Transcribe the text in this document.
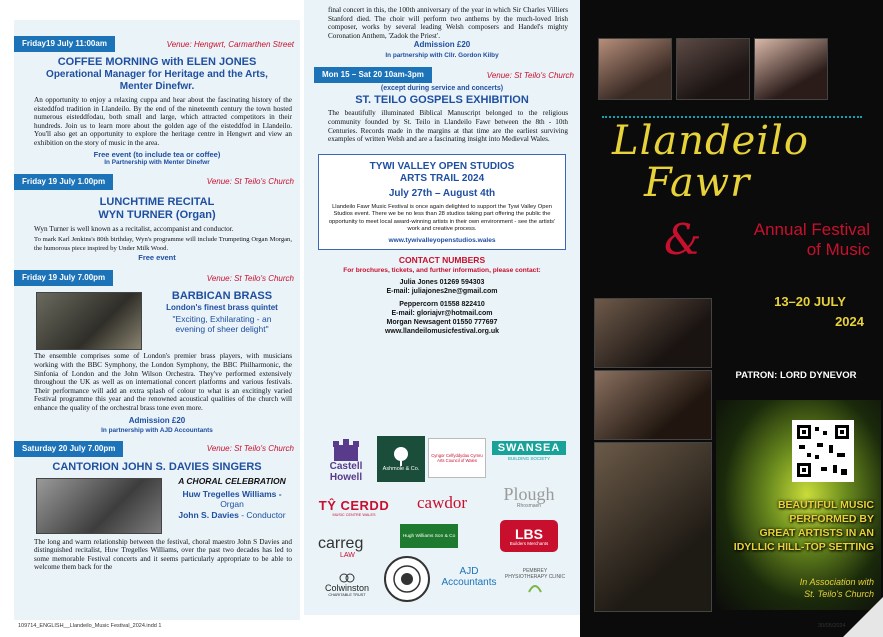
Friday19 July 11:00am	Venue: Hengwrt, Carmarthen Street
COFFEE MORNING with ELEN JONES
Operational Manager for Heritage and the Arts, Menter Dinefwr.
An opportunity to enjoy a relaxing cuppa and hear about the fascinating history of the eisteddfod tradition in Llandeilo. By the end of the nineteenth century the town hosted numerous eisteddfodau, both small and large, which attracted competitors in their hundreds. Join us to learn more about the golden age of the eisteddfod in Llandeilo. You'll also get an opportunity to explore the heritage centre in Hengwrt and view an exhibition on the story of music in the area.
Free event (to include tea or coffee)
In Partnership with Menter Dinefwr
Friday 19 July 1.00pm	Venue: St Teilo's Church
LUNCHTIME RECITAL
WYN TURNER (Organ)
Wyn Turner is well known as a recitalist, accompanist and conductor.
To mark Karl Jenkins's 80th birthday, Wyn's programme will include Trumpeting Organ Morgan, the humorous piece inspired by Under Milk Wood.
Free event
Friday 19 July 7.00pm	Venue: St Teilo's Church
BARBICAN BRASS
London's finest brass quintet
"Exciting, Exhilarating - an evening of sheer delight"
The ensemble comprises some of London's premier brass players, with musicians working with the BBC Symphony, the London Symphony, the BBC Philharmonic, the Sinfonia of London and the John Wilson Orchestra. They've performed extensively throughout the UK as well as on international concert platforms and various festivals. Their performance will add an extra splash of colour to what is an excitingly varied Festival programme this year and the renowned acoustical qualities of the church will enhance the quality of the orchestral brass tone even more.
Admission £20
In partnership with AJD Accountants
Saturday 20 July 7.00pm	Venue: St Teilo's Church
CANTORION JOHN S. DAVIES SINGERS
A CHORAL CELEBRATION
Huw Tregelles Williams -
Organ
John S. Davies - Conductor
The long and warm relationship between the festival, choral maestro John S Davies and distinguished recitalist, Huw Tregelles Williams, over the past two decades has led to some memorable Festival concerts and it seems particularly appropriate to be able to welcome them back for the
final concert in this, the 100th anniversary of the year in which Sir Charles Villiers Stanford died. The choir will perform two anthems by the much-loved Irish composer, works by several leading Welsh composers and Handel's mighty Coronation Anthem, 'Zadok the Priest'.
Admission £20
In partnership with Cllr. Gordon Kilby
Mon 15 – Sat 20 10am-3pm	Venue: St Teilo's Church
(except during service and concerts)
ST. TEILO GOSPELS EXHIBITION
The beautifully illuminated Biblical Manuscript belonged to the religious community founded by St. Teilo in Llandeilo Fawr between the 8th - 10th Centuries. Records made in the margins at that time are the earliest surviving examples of written Welsh and are a fascinating insight into Medieval Wales.
TYWI VALLEY OPEN STUDIOS
ARTS TRAIL 2024
July 27th – August 4th
Llandeilo Fawr Music Festival is once again delighted to support the Tywi Valley Open Studios event. There we be no less than 28 studios taking part offering the public the opportunity to meet local award-winning artists in their own environment - see the artists' work and creative process.
www.tywivalleyopenstudios.wales
CONTACT NUMBERS
For brochures, tickets, and further information, please contact:
Julia Jones 01269 594303
E-mail: juliajones2ne@gmail.com
Peppercorn 01558 822410
E-mail: gloriajvr@hotmail.com
Morgan Newsagent 01550 777697
www.llandeilomusicfestival.org.uk
Castell Howell
Ashmole & Co.
Cyngor Celfyddydau Cymru Arts Council of Wales
SWANSEA
BUILDING SOCIETY
TŶ CERDD
MUSIC CENTRE WALES
cawdor Plough
Rhosmaen
carreg
LAW
Hugh Williams Son & Co	LBS
Builders Merchants
Colwinston
CHARITABLE TRUST
AJD Accountants
PEMBREY PHYSIOTHERAPY CLINIC
Llandeilo
Fawr
&	Annual Festival
of Music
13–20 JULY
2024
PATRON: LORD DYNEVOR
BEAUTIFUL MUSIC
PERFORMED BY
GREAT ARTISTS IN AN
IDYLLIC HILL-TOP SETTING
In Association with
St. Teilo's Church
109714_ENGLISH__Llandeilo_Music Festival_2024.indd 1	30/05/2024
